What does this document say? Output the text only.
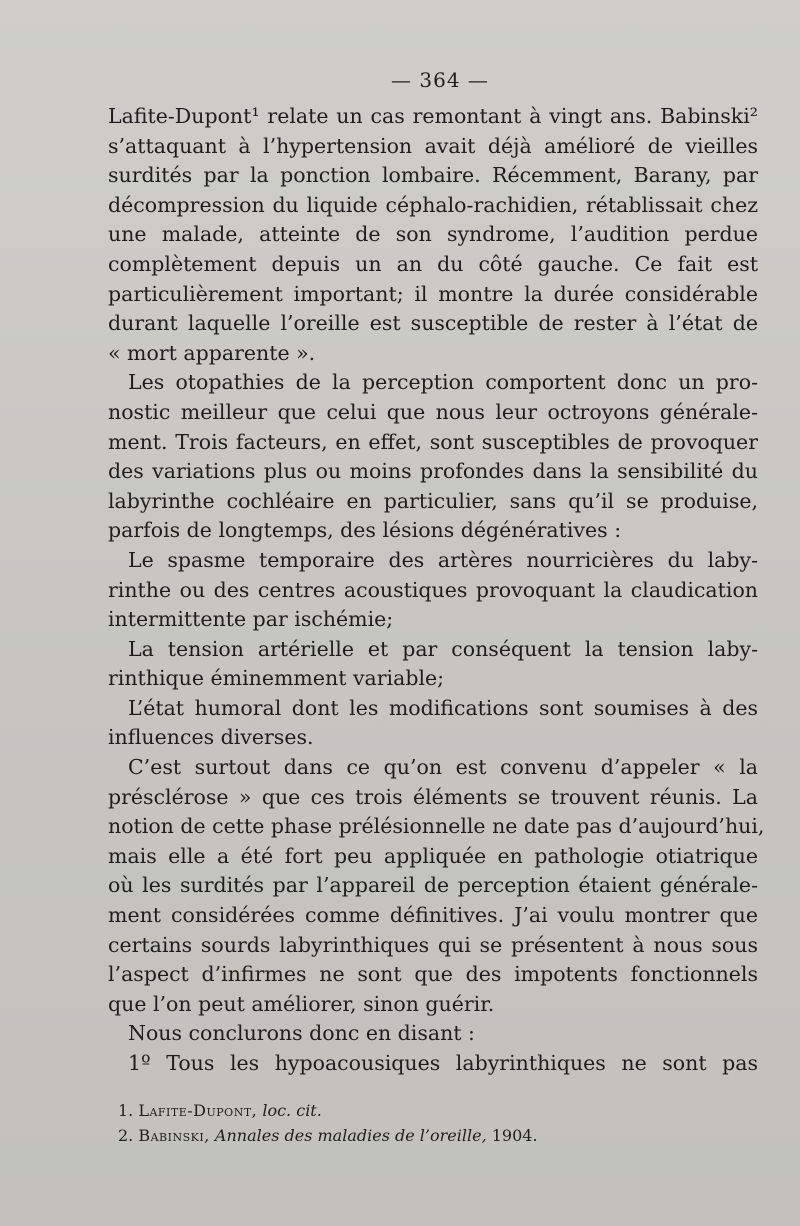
— 364 —
Lafite-Dupont¹ relate un cas remontant à vingt ans. Babinski²
s’attaquant à l’hypertension avait déjà amélioré de vieilles
surdités par la ponction lombaire. Récemment, Barany, par
décompression du liquide céphalo-rachidien, rétablissait chez
une malade, atteinte de son syndrome, l’audition perdue
complètement depuis un an du côté gauche. Ce fait est
particulièrement important; il montre la durée considérable
durant laquelle l’oreille est susceptible de rester à l’état de
« mort apparente ».
Les otopathies de la perception comportent donc un pro-
nostic meilleur que celui que nous leur octroyons générale-
ment. Trois facteurs, en effet, sont susceptibles de provoquer
des variations plus ou moins profondes dans la sensibilité du
labyrinthe cochléaire en particulier, sans qu’il se produise,
parfois de longtemps, des lésions dégénératives :
Le spasme temporaire des artères nourricières du laby-
rinthe ou des centres acoustiques provoquant la claudication
intermittente par ischémie;
La tension artérielle et par conséquent la tension laby-
rinthique éminemment variable;
L’état humoral dont les modifications sont soumises à des
influences diverses.
C’est surtout dans ce qu’on est convenu d’appeler « la
présclérose » que ces trois éléments se trouvent réunis. La
notion de cette phase prélésionnelle ne date pas d’aujourd’hui,
mais elle a été fort peu appliquée en pathologie otiatrique
où les surdités par l’appareil de perception étaient générale-
ment considérées comme définitives. J’ai voulu montrer que
certains sourds labyrinthiques qui se présentent à nous sous
l’aspect d’infirmes ne sont que des impotents fonctionnels
que l’on peut améliorer, sinon guérir.
Nous conclurons donc en disant :
1º Tous les hypoacousiques labyrinthiques ne sont pas
1. Lafite-Dupont, loc. cit.
2. Babinski, Annales des maladies de l’oreille, 1904.
